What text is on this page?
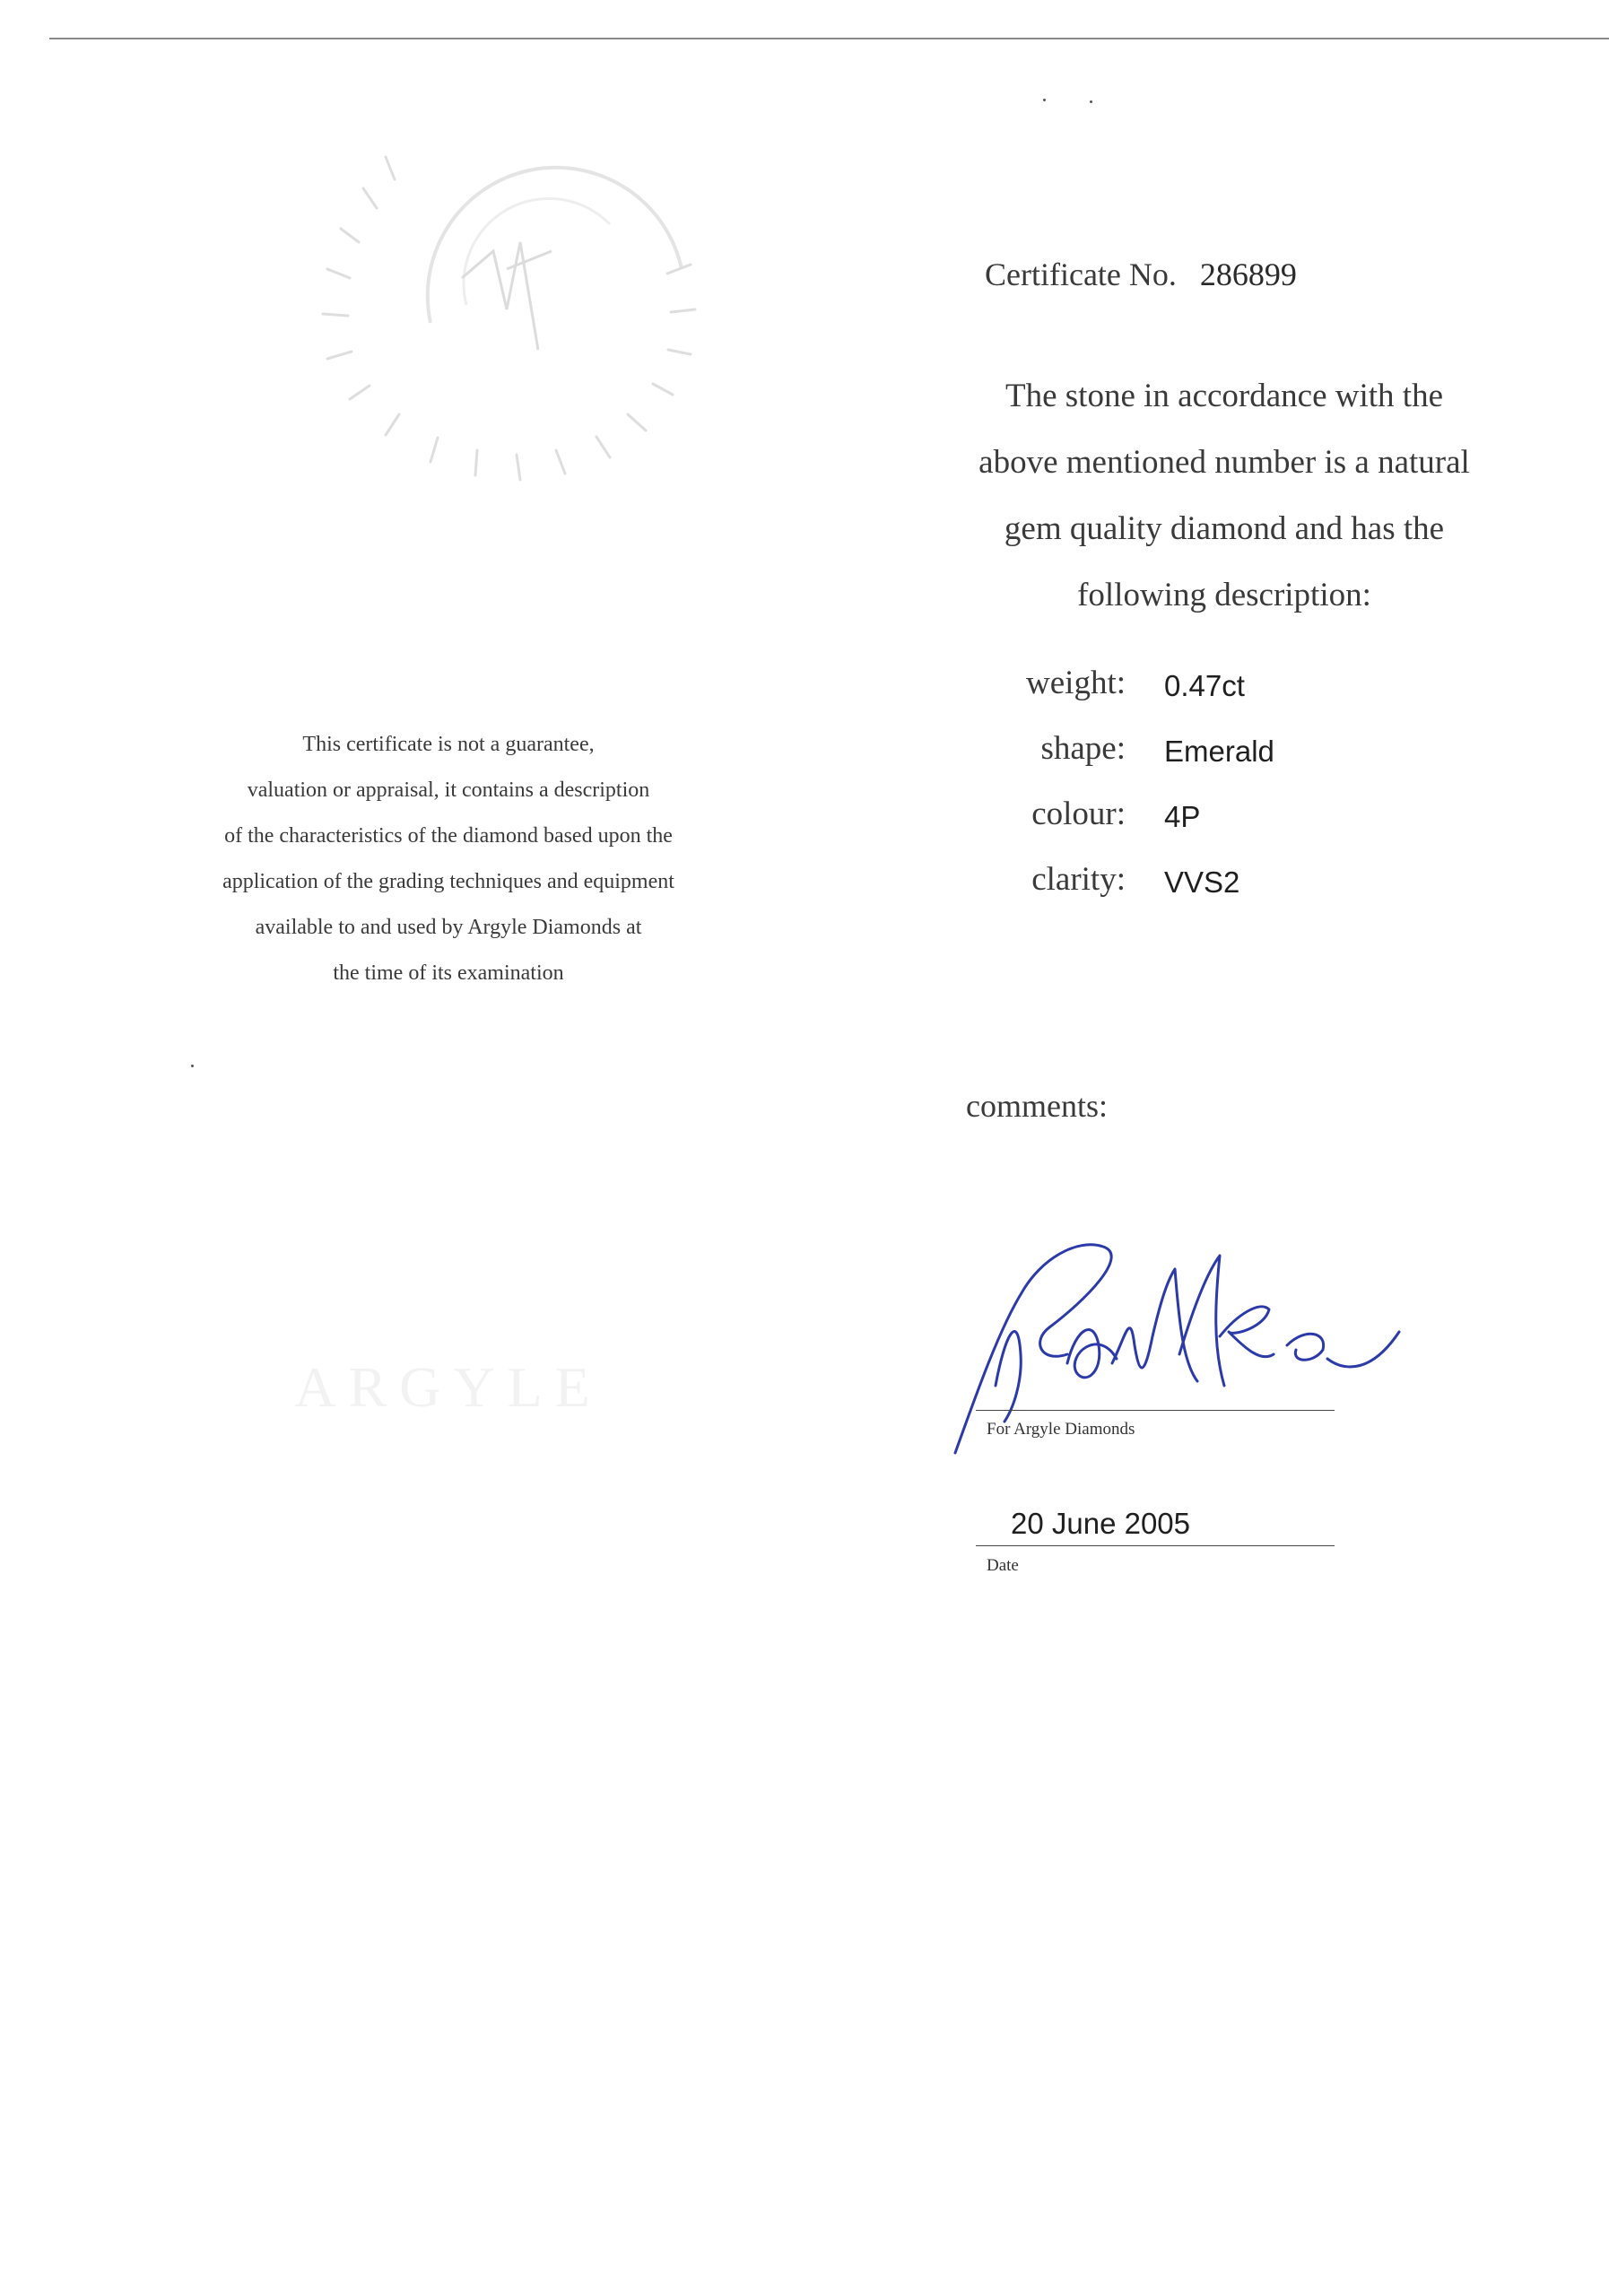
ARGYLE
This certificate is not a guarantee,
valuation or appraisal, it contains a description
of the characteristics of the diamond based upon the
application of the grading techniques and equipment
available to and used by Argyle Diamonds at
the time of its examination
Certificate No. 286899
The stone in accordance with the
above mentioned number is a natural
gem quality diamond and has the
following description:
weight: 0.47ct
shape: Emerald
colour: 4P
clarity: VVS2
comments:
For Argyle Diamonds
20 June 2005
Date
